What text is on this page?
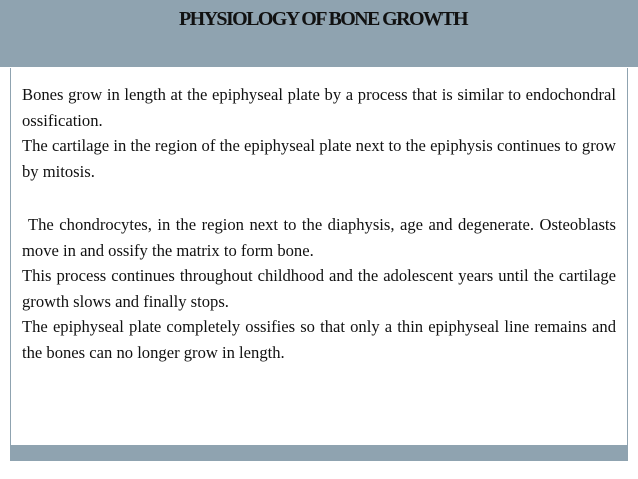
PHYSIOLOGY OF BONE GROWTH

Bones grow in length at the epiphyseal plate by a process that is similar to endochondral ossification.

The cartilage in the region of the epiphyseal plate next to the epiphysis continues to grow by mitosis.

The chondrocytes, in the region next to the diaphysis, age and degenerate. Osteoblasts move in and ossify the matrix to form bone.

This process continues throughout childhood and the adolescent years until the cartilage growth slows and finally stops.

The epiphyseal plate completely ossifies so that only a thin epiphyseal line remains and the bones can no longer grow in length.
